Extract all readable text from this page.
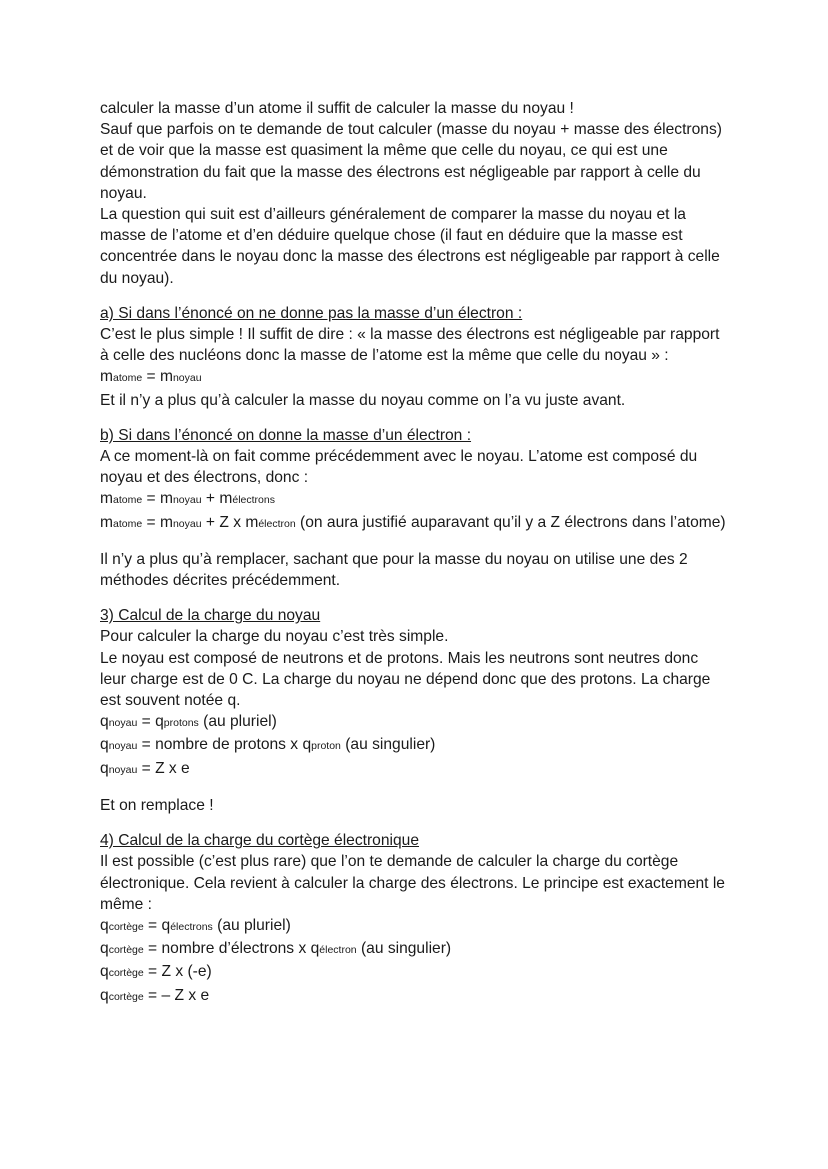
calculer la masse d’un atome il suffit de calculer la masse du noyau !

Sauf que parfois on te demande de tout calculer (masse du noyau + masse des électrons) et de voir que la masse est quasiment la même que celle du noyau, ce qui est une démonstration du fait que la masse des électrons est négligeable par rapport à celle du noyau.

La question qui suit est d’ailleurs généralement de comparer la masse du noyau et la masse de l’atome et d’en déduire quelque chose (il faut en déduire que la masse est concentrée dans le noyau donc la masse des électrons est négligeable par rapport à celle du noyau).

a) Si dans l’énoncé on ne donne pas la masse d’un électron :

C’est le plus simple ! Il suffit de dire : « la masse des électrons est négligeable par rapport à celle des nucléons donc la masse de l’atome est la même que celle du noyau » :

matome = mnoyau

Et il n’y a plus qu’à calculer la masse du noyau comme on l’a vu juste avant.

b) Si dans l’énoncé on donne la masse d’un électron :

A ce moment-là on fait comme précédemment avec le noyau. L’atome est composé du noyau et des électrons, donc :

matome = mnoyau + mélectrons

matome = mnoyau + Z x mélectron (on aura justifié auparavant qu’il y a Z électrons dans l’atome)

Il n’y a plus qu’à remplacer, sachant que pour la masse du noyau on utilise une des 2 méthodes décrites précédemment.

3) Calcul de la charge du noyau

Pour calculer la charge du noyau c’est très simple.

Le noyau est composé de neutrons et de protons. Mais les neutrons sont neutres donc leur charge est de 0 C. La charge du noyau ne dépend donc que des protons. La charge est souvent notée q.

qnoyau = qprotons (au pluriel)

qnoyau = nombre de protons x qproton (au singulier)

qnoyau = Z x e

Et on remplace !

4) Calcul de la charge du cortège électronique

Il est possible (c’est plus rare) que l’on te demande de calculer la charge du cortège électronique. Cela revient à calculer la charge des électrons. Le principe est exactement le même :

qcortège = qélectrons (au pluriel)

qcortège = nombre d’électrons x qélectron (au singulier)

qcortège = Z x (-e)

qcortège = – Z x e
